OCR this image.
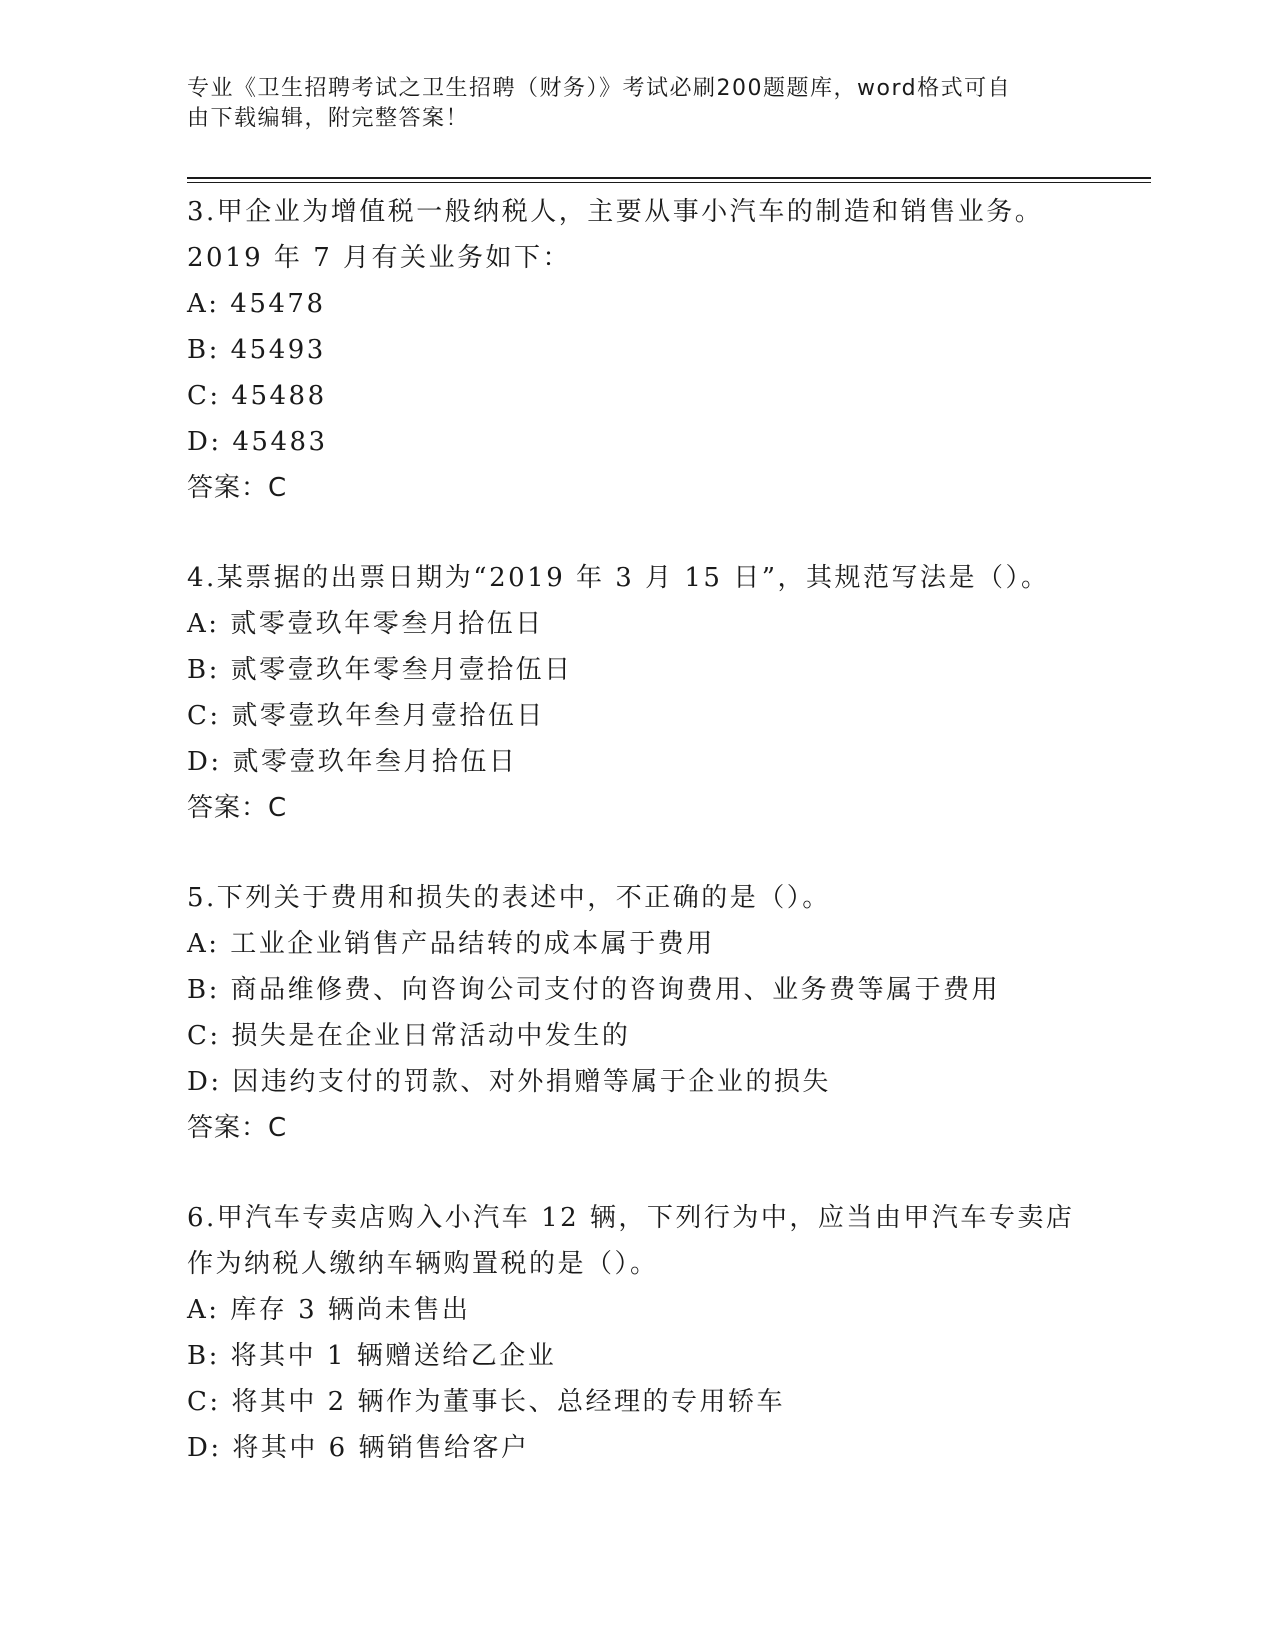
专业《卫生招聘考试之卫生招聘（财务）》考试必刷200题题库，word格式可自
由下载编辑，附完整答案！
3.甲企业为增值税一般纳税人，主要从事小汽车的制造和销售业务。
2019 年 7 月有关业务如下：
A: 45478
B: 45493
C: 45488
D: 45483
答案：C
4.某票据的出票日期为“2019 年 3 月 15 日”，其规范写法是（）。
A: 贰零壹玖年零叁月拾伍日
B: 贰零壹玖年零叁月壹拾伍日
C: 贰零壹玖年叁月壹拾伍日
D: 贰零壹玖年叁月拾伍日
答案：C
5.下列关于费用和损失的表述中，不正确的是（）。
A: 工业企业销售产品结转的成本属于费用
B: 商品维修费、向咨询公司支付的咨询费用、业务费等属于费用
C: 损失是在企业日常活动中发生的
D: 因违约支付的罚款、对外捐赠等属于企业的损失
答案：C
6.甲汽车专卖店购入小汽车 12 辆，下列行为中，应当由甲汽车专卖店
作为纳税人缴纳车辆购置税的是（）。
A: 库存 3 辆尚未售出
B: 将其中 1 辆赠送给乙企业
C: 将其中 2 辆作为董事长、总经理的专用轿车
D: 将其中 6 辆销售给客户
